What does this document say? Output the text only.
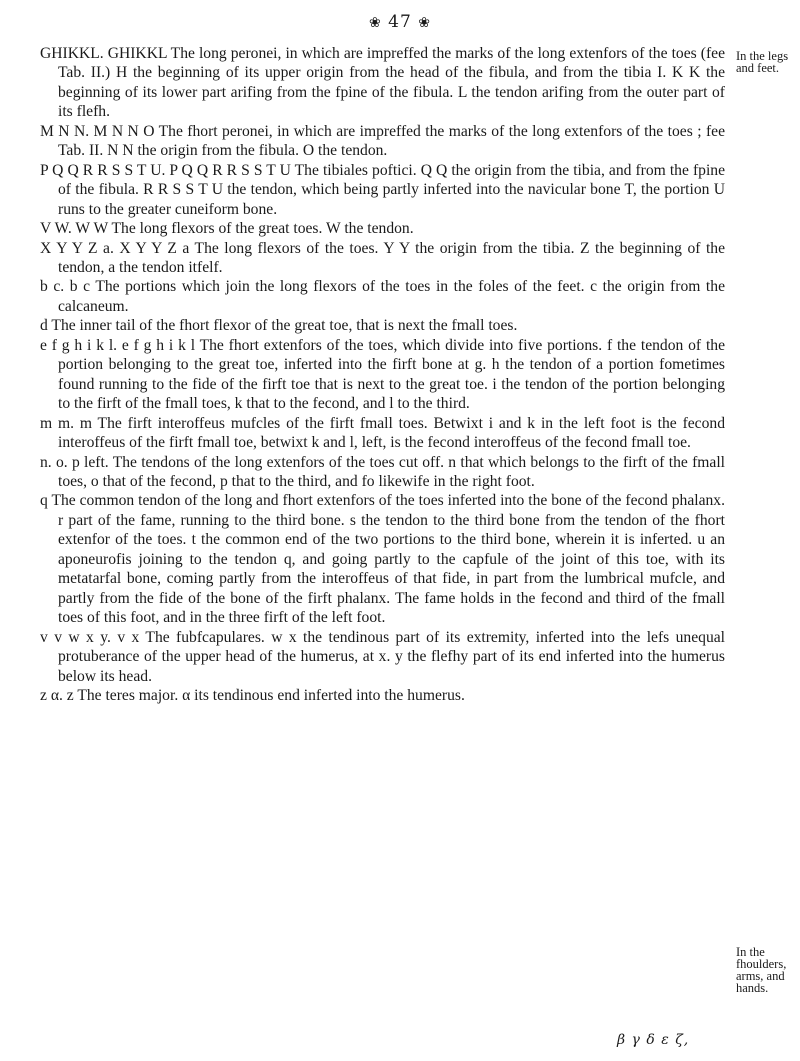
❀ 47 ❀

GHIKKL. GHIKKL The long peronei, in which are impreffed the marks of the long extenfors of the toes (fee Tab. II.) H the beginning of its upper origin from the head of the fibula, and from the tibia I. K K the beginning of its lower part arifing from the fpine of the fibula. L the tendon arifing from the outer part of its flefh.

M N N. M N N O The fhort peronei, in which are impreffed the marks of the long extenfors of the toes ; fee Tab. II. N N the origin from the fibula. O the tendon.

P Q Q R R S S T U. P Q Q R R S S T U The tibiales poftici. Q Q the origin from the tibia, and from the fpine of the fibula. R R S S T U the tendon, which being partly inferted into the navicular bone T, the portion U runs to the greater cuneiform bone.

V W. W W The long flexors of the great toes. W the tendon.

X Y Y Z a. X Y Y Z a The long flexors of the toes. Y Y the origin from the tibia. Z the beginning of the tendon, a the tendon itfelf.

b c. b c The portions which join the long flexors of the toes in the foles of the feet. c the origin from the calcaneum.

d The inner tail of the fhort flexor of the great toe, that is next the fmall toes.

e f g h i k l. e f g h i k l The fhort extenfors of the toes, which divide into five portions. f the tendon of the portion belonging to the great toe, inferted into the firft bone at g. h the tendon of a portion fometimes found running to the fide of the firft toe that is next to the great toe. i the tendon of the portion belonging to the firft of the fmall toes, k that to the fecond, and l to the third.

m m. m The firft interoffeus mufcles of the firft fmall toes. Betwixt i and k in the left foot is the fecond interoffeus of the firft fmall toe, betwixt k and l, left, is the fecond interoffeus of the fecond fmall toe.

n. o. p left. The tendons of the long extenfors of the toes cut off. n that which belongs to the firft of the fmall toes, o that of the fecond, p that to the third, and fo likewife in the right foot.

q The common tendon of the long and fhort extenfors of the toes inferted into the bone of the fecond phalanx. r part of the fame, running to the third bone. s the tendon to the third bone from the tendon of the fhort extenfor of the toes. t the common end of the two portions to the third bone, wherein it is inferted. u an aponeurofis joining to the tendon q, and going partly to the capfule of the joint of this toe, with its metatarfal bone, coming partly from the interoffeus of that fide, in part from the lumbrical mufcle, and partly from the fide of the bone of the firft phalanx. The fame holds in the fecond and third of the fmall toes of this foot, and in the three firft of the left foot.

v v w x y. v x The fubfcapulares. w x the tendinous part of its extremity, inferted into the lefs unequal protuberance of the upper head of the humerus, at x. y the flefhy part of its end inferted into the humerus below its head.

z α. z The teres major. α its tendinous end inferted into the humerus.

In the legs and feet.
In the fhoulders, arms, and hands.
β γ δ ε ζ,
